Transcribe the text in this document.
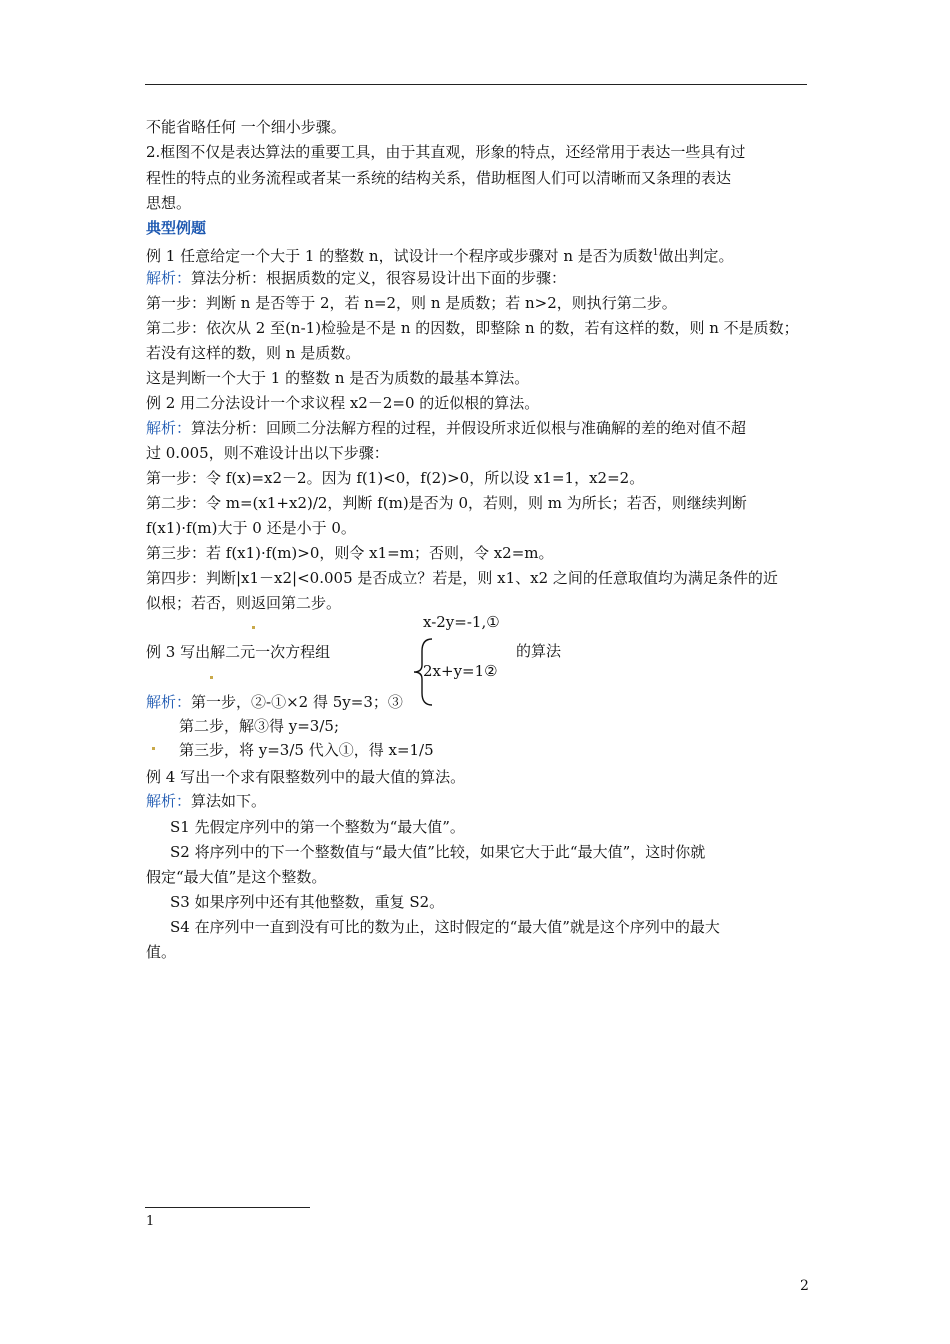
不能省略任何 一个细小步骤。

2.框图不仅是表达算法的重要工具，由于其直观，形象的特点，还经常用于表达一些具有过

程性的特点的业务流程或者某一系统的结构关系，借助框图人们可以清晰而又条理的表达

思想。

典型例题

例 1 任意给定一个大于 1 的整数 n，试设计一个程序或步骤对 n 是否为质数$^1$做出判定。

解析：算法分析：根据质数的定义，很容易设计出下面的步骤：

第一步：判断 n 是否等于 2，若 n=2，则 n 是质数；若 n>2，则执行第二步。

第二步：依次从 2 至(n-1)检验是不是 n 的因数，即整除 n 的数，若有这样的数，则 n 不是质数；

若没有这样的数，则 n 是质数。

这是判断一个大于 1 的整数 n 是否为质数的最基本算法。

例 2 用二分法设计一个求议程 x2－2=0 的近似根的算法。

解析：算法分析：回顾二分法解方程的过程，并假设所求近似根与准确解的差的绝对值不超

过 0.005，则不难设计出以下步骤：

第一步：令 f(x)=x2－2。因为 f(1)<0，f(2)>0，所以设 x1=1，x2=2。

第二步：令 m=(x1+x2)/2，判断 f(m)是否为 0，若则，则 m 为所长；若否，则继续判断

f(x1)·f(m)大于 0 还是小于 0。

第三步：若 f(x1)·f(m)>0，则令 x1=m；否则，令 x2=m。

第四步：判断|x1－x2|<0.005 是否成立？若是，则 x1、x2 之间的任意取值均为满足条件的近

似根；若否，则返回第二步。

x-2y=-1,①

例 3 写出解二元一次方程组	的算法
2x+y=1②

解析：第一步，②-①×2 得 5y=3；③

第二步，解③得 y=3/5;

第三步，将 y=3/5 代入①，得 x=1/5

例 4 写出一个求有限整数列中的最大值的算法。

解析：算法如下。

S1 先假定序列中的第一个整数为“最大值”。

S2 将序列中的下一个整数值与“最大值”比较，如果它大于此“最大值”，这时你就

假定“最大值”是这个整数。

S3 如果序列中还有其他整数，重复 S2。

S4 在序列中一直到没有可比的数为止，这时假定的“最大值”就是这个序列中的最大

值。

1
2
